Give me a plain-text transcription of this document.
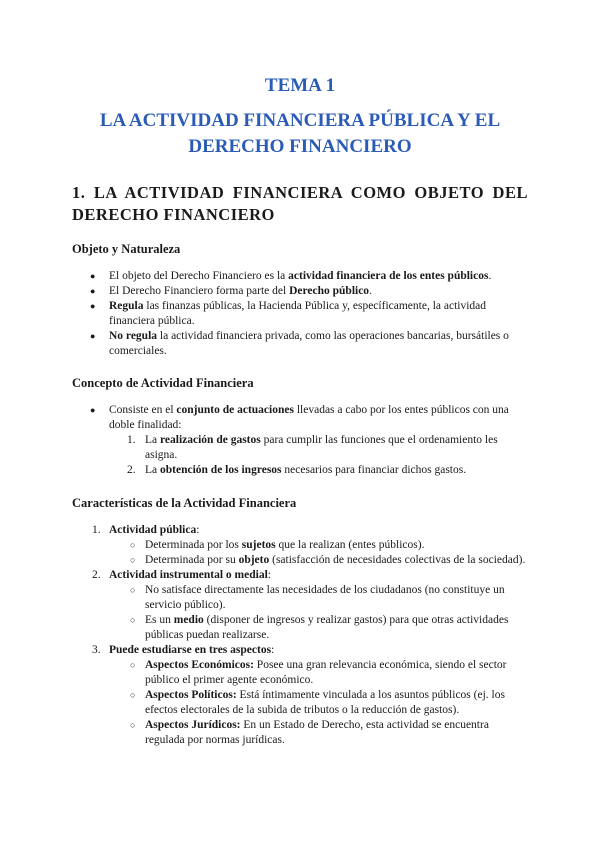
TEMA 1
LA ACTIVIDAD FINANCIERA PÚBLICA Y EL DERECHO FINANCIERO
1. LA ACTIVIDAD FINANCIERA COMO OBJETO DEL DERECHO FINANCIERO
Objeto y Naturaleza
● El objeto del Derecho Financiero es la actividad financiera de los entes públicos.
● El Derecho Financiero forma parte del Derecho público.
● Regula las finanzas públicas, la Hacienda Pública y, específicamente, la actividad financiera pública.
● No regula la actividad financiera privada, como las operaciones bancarias, bursátiles o comerciales.
Concepto de Actividad Financiera
● Consiste en el conjunto de actuaciones llevadas a cabo por los entes públicos con una doble finalidad:
1. La realización de gastos para cumplir las funciones que el ordenamiento les asigna.
2. La obtención de los ingresos necesarios para financiar dichos gastos.
Características de la Actividad Financiera
1. Actividad pública:
○ Determinada por los sujetos que la realizan (entes públicos).
○ Determinada por su objeto (satisfacción de necesidades colectivas de la sociedad).
2. Actividad instrumental o medial:
○ No satisface directamente las necesidades de los ciudadanos (no constituye un servicio público).
○ Es un medio (disponer de ingresos y realizar gastos) para que otras actividades públicas puedan realizarse.
3. Puede estudiarse en tres aspectos:
○ Aspectos Económicos: Posee una gran relevancia económica, siendo el sector público el primer agente económico.
○ Aspectos Políticos: Está íntimamente vinculada a los asuntos públicos (ej. los efectos electorales de la subida de tributos o la reducción de gastos).
○ Aspectos Jurídicos: En un Estado de Derecho, esta actividad se encuentra regulada por normas jurídicas.
